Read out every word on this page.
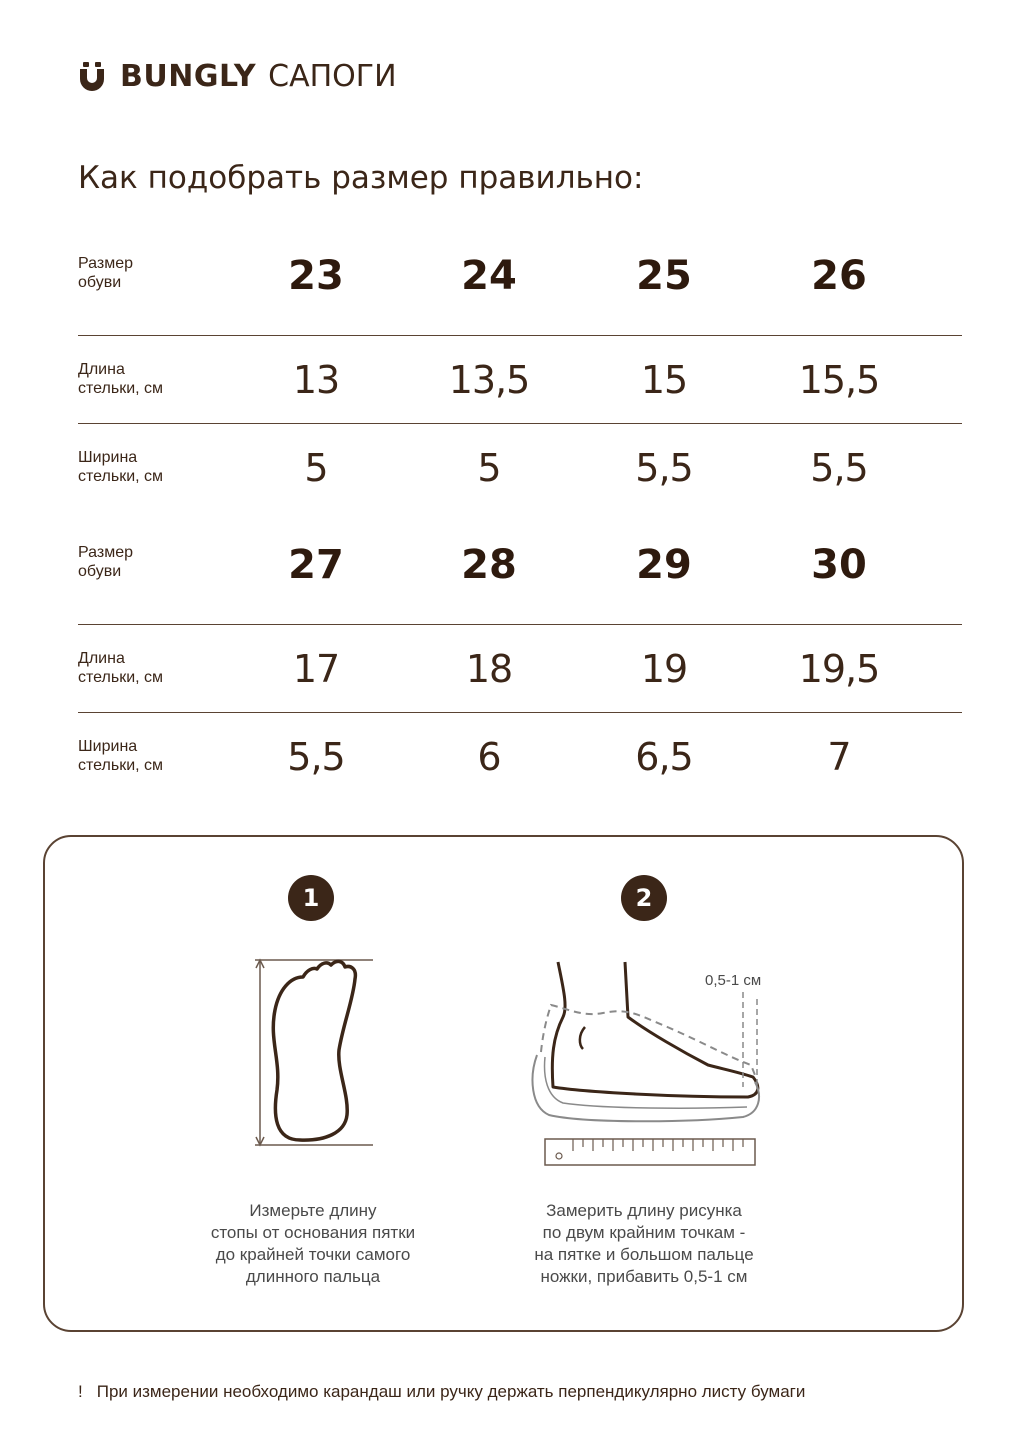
BUNGLY САПОГИ
Как подобрать размер правильно:
Размер
обуви	23	24	25	26
Длина
стельки, см	13	13,5	15	15,5
Ширина
стельки, см	5	5	5,5	5,5
Размер
обуви	27	28	29	30
Длина
стельки, см	17	18	19	19,5
Ширина
стельки, см	5,5	6	6,5	7
1	2
0,5-1 см
Измерьте длину
стопы от основания пятки
до крайней точки самого
длинного пальца
Замерить длину рисунка
по двум крайним точкам -
на пятке и большом пальце
ножки, прибавить 0,5-1 см
! При измерении необходимо карандаш или ручку держать перпендикулярно листу бумаги
